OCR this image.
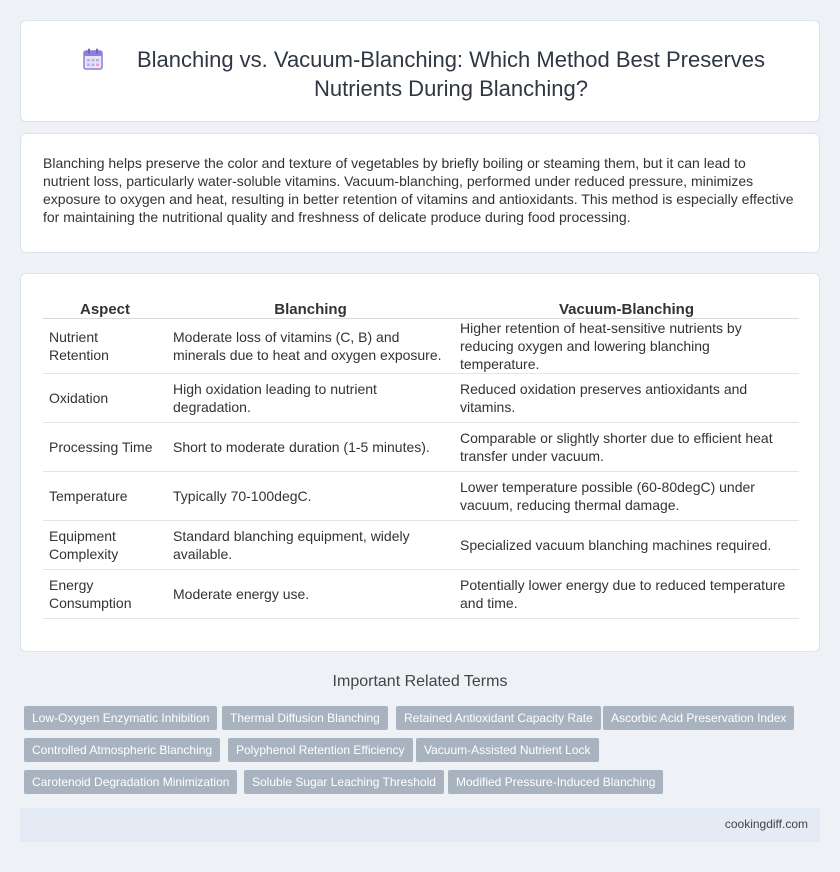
Blanching vs. Vacuum-Blanching: Which Method Best Preserves Nutrients During Blanching?

Blanching helps preserve the color and texture of vegetables by briefly boiling or steaming them, but it can lead to nutrient loss, particularly water-soluble vitamins. Vacuum-blanching, performed under reduced pressure, minimizes exposure to oxygen and heat, resulting in better retention of vitamins and antioxidants. This method is especially effective for maintaining the nutritional quality and freshness of delicate produce during food processing.

Aspect	Blanching	Vacuum-Blanching
Nutrient Retention	Moderate loss of vitamins (C, B) and minerals due to heat and oxygen exposure.	Higher retention of heat-sensitive nutrients by reducing oxygen and lowering blanching temperature.
Oxidation	High oxidation leading to nutrient degradation.	Reduced oxidation preserves antioxidants and vitamins.
Processing Time	Short to moderate duration (1-5 minutes).	Comparable or slightly shorter due to efficient heat transfer under vacuum.
Temperature	Typically 70-100degC.	Lower temperature possible (60-80degC) under vacuum, reducing thermal damage.
Equipment Complexity	Standard blanching equipment, widely available.	Specialized vacuum blanching machines required.
Energy Consumption	Moderate energy use.	Potentially lower energy due to reduced temperature and time.
Important Related Terms
Low-Oxygen Enzymatic Inhibition	Thermal Diffusion Blanching	Retained Antioxidant Capacity Rate	Ascorbic Acid Preservation Index
Controlled Atmospheric Blanching	Polyphenol Retention Efficiency	Vacuum-Assisted Nutrient Lock
Carotenoid Degradation Minimization	Soluble Sugar Leaching Threshold	Modified Pressure-Induced Blanching
cookingdiff.com
